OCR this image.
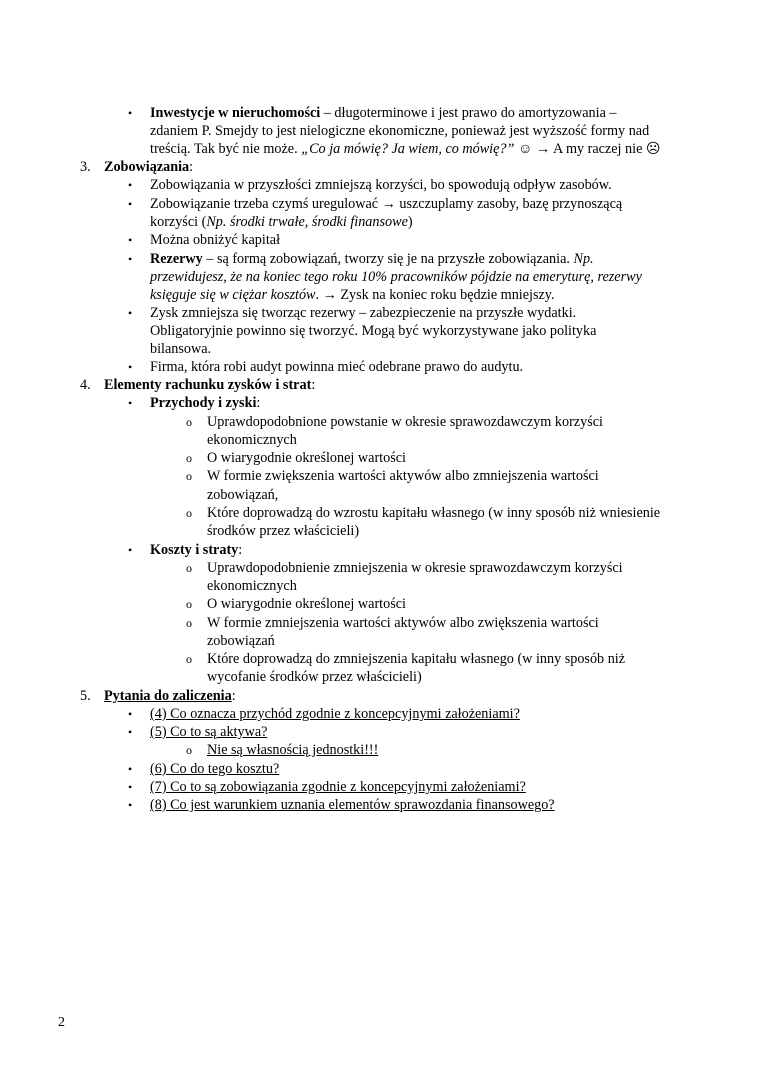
• Inwestycje w nieruchomości – długoterminowe i jest prawo do amortyzowania –
zdaniem P. Smejdy to jest nielogiczne ekonomiczne, ponieważ jest wyższość formy nad
treścią. Tak być nie może. „Co ja mówię? Ja wiem, co mówię?” ☺ → A my raczej nie ☹
3. Zobowiązania:
• Zobowiązania w przyszłości zmniejszą korzyści, bo spowodują odpływ zasobów.
• Zobowiązanie trzeba czymś uregulować → uszczuplamy zasoby, bazę przynoszącą
korzyści (Np. środki trwałe, środki finansowe)
• Można obniżyć kapitał
• Rezerwy – są formą zobowiązań, tworzy się je na przyszłe zobowiązania. Np.
przewidujesz, że na koniec tego roku 10% pracowników pójdzie na emeryturę, rezerwy
księguje się w ciężar kosztów. → Zysk na koniec roku będzie mniejszy.
• Zysk zmniejsza się tworząc rezerwy – zabezpieczenie na przyszłe wydatki.
Obligatoryjnie powinno się tworzyć. Mogą być wykorzystywane jako polityka
bilansowa.
• Firma, która robi audyt powinna mieć odebrane prawo do audytu.
4. Elementy rachunku zysków i strat:
• Przychody i zyski:
o Uprawdopodobnione powstanie w okresie sprawozdawczym korzyści
ekonomicznych
o O wiarygodnie określonej wartości
o W formie zwiększenia wartości aktywów albo zmniejszenia wartości
zobowiązań,
o Które doprowadzą do wzrostu kapitału własnego (w inny sposób niż wniesienie
środków przez właścicieli)
• Koszty i straty:
o Uprawdopodobnienie zmniejszenia w okresie sprawozdawczym korzyści
ekonomicznych
o O wiarygodnie określonej wartości
o W formie zmniejszenia wartości aktywów albo zwiększenia wartości
zobowiązań
o Które doprowadzą do zmniejszenia kapitału własnego (w inny sposób niż
wycofanie środków przez właścicieli)
5. Pytania do zaliczenia:
• (4) Co oznacza przychód zgodnie z koncepcyjnymi założeniami?
• (5) Co to są aktywa?
o Nie są własnością jednostki!!!
• (6) Co do tego kosztu?
• (7) Co to są zobowiązania zgodnie z koncepcyjnymi założeniami?
• (8) Co jest warunkiem uznania elementów sprawozdania finansowego?
2
